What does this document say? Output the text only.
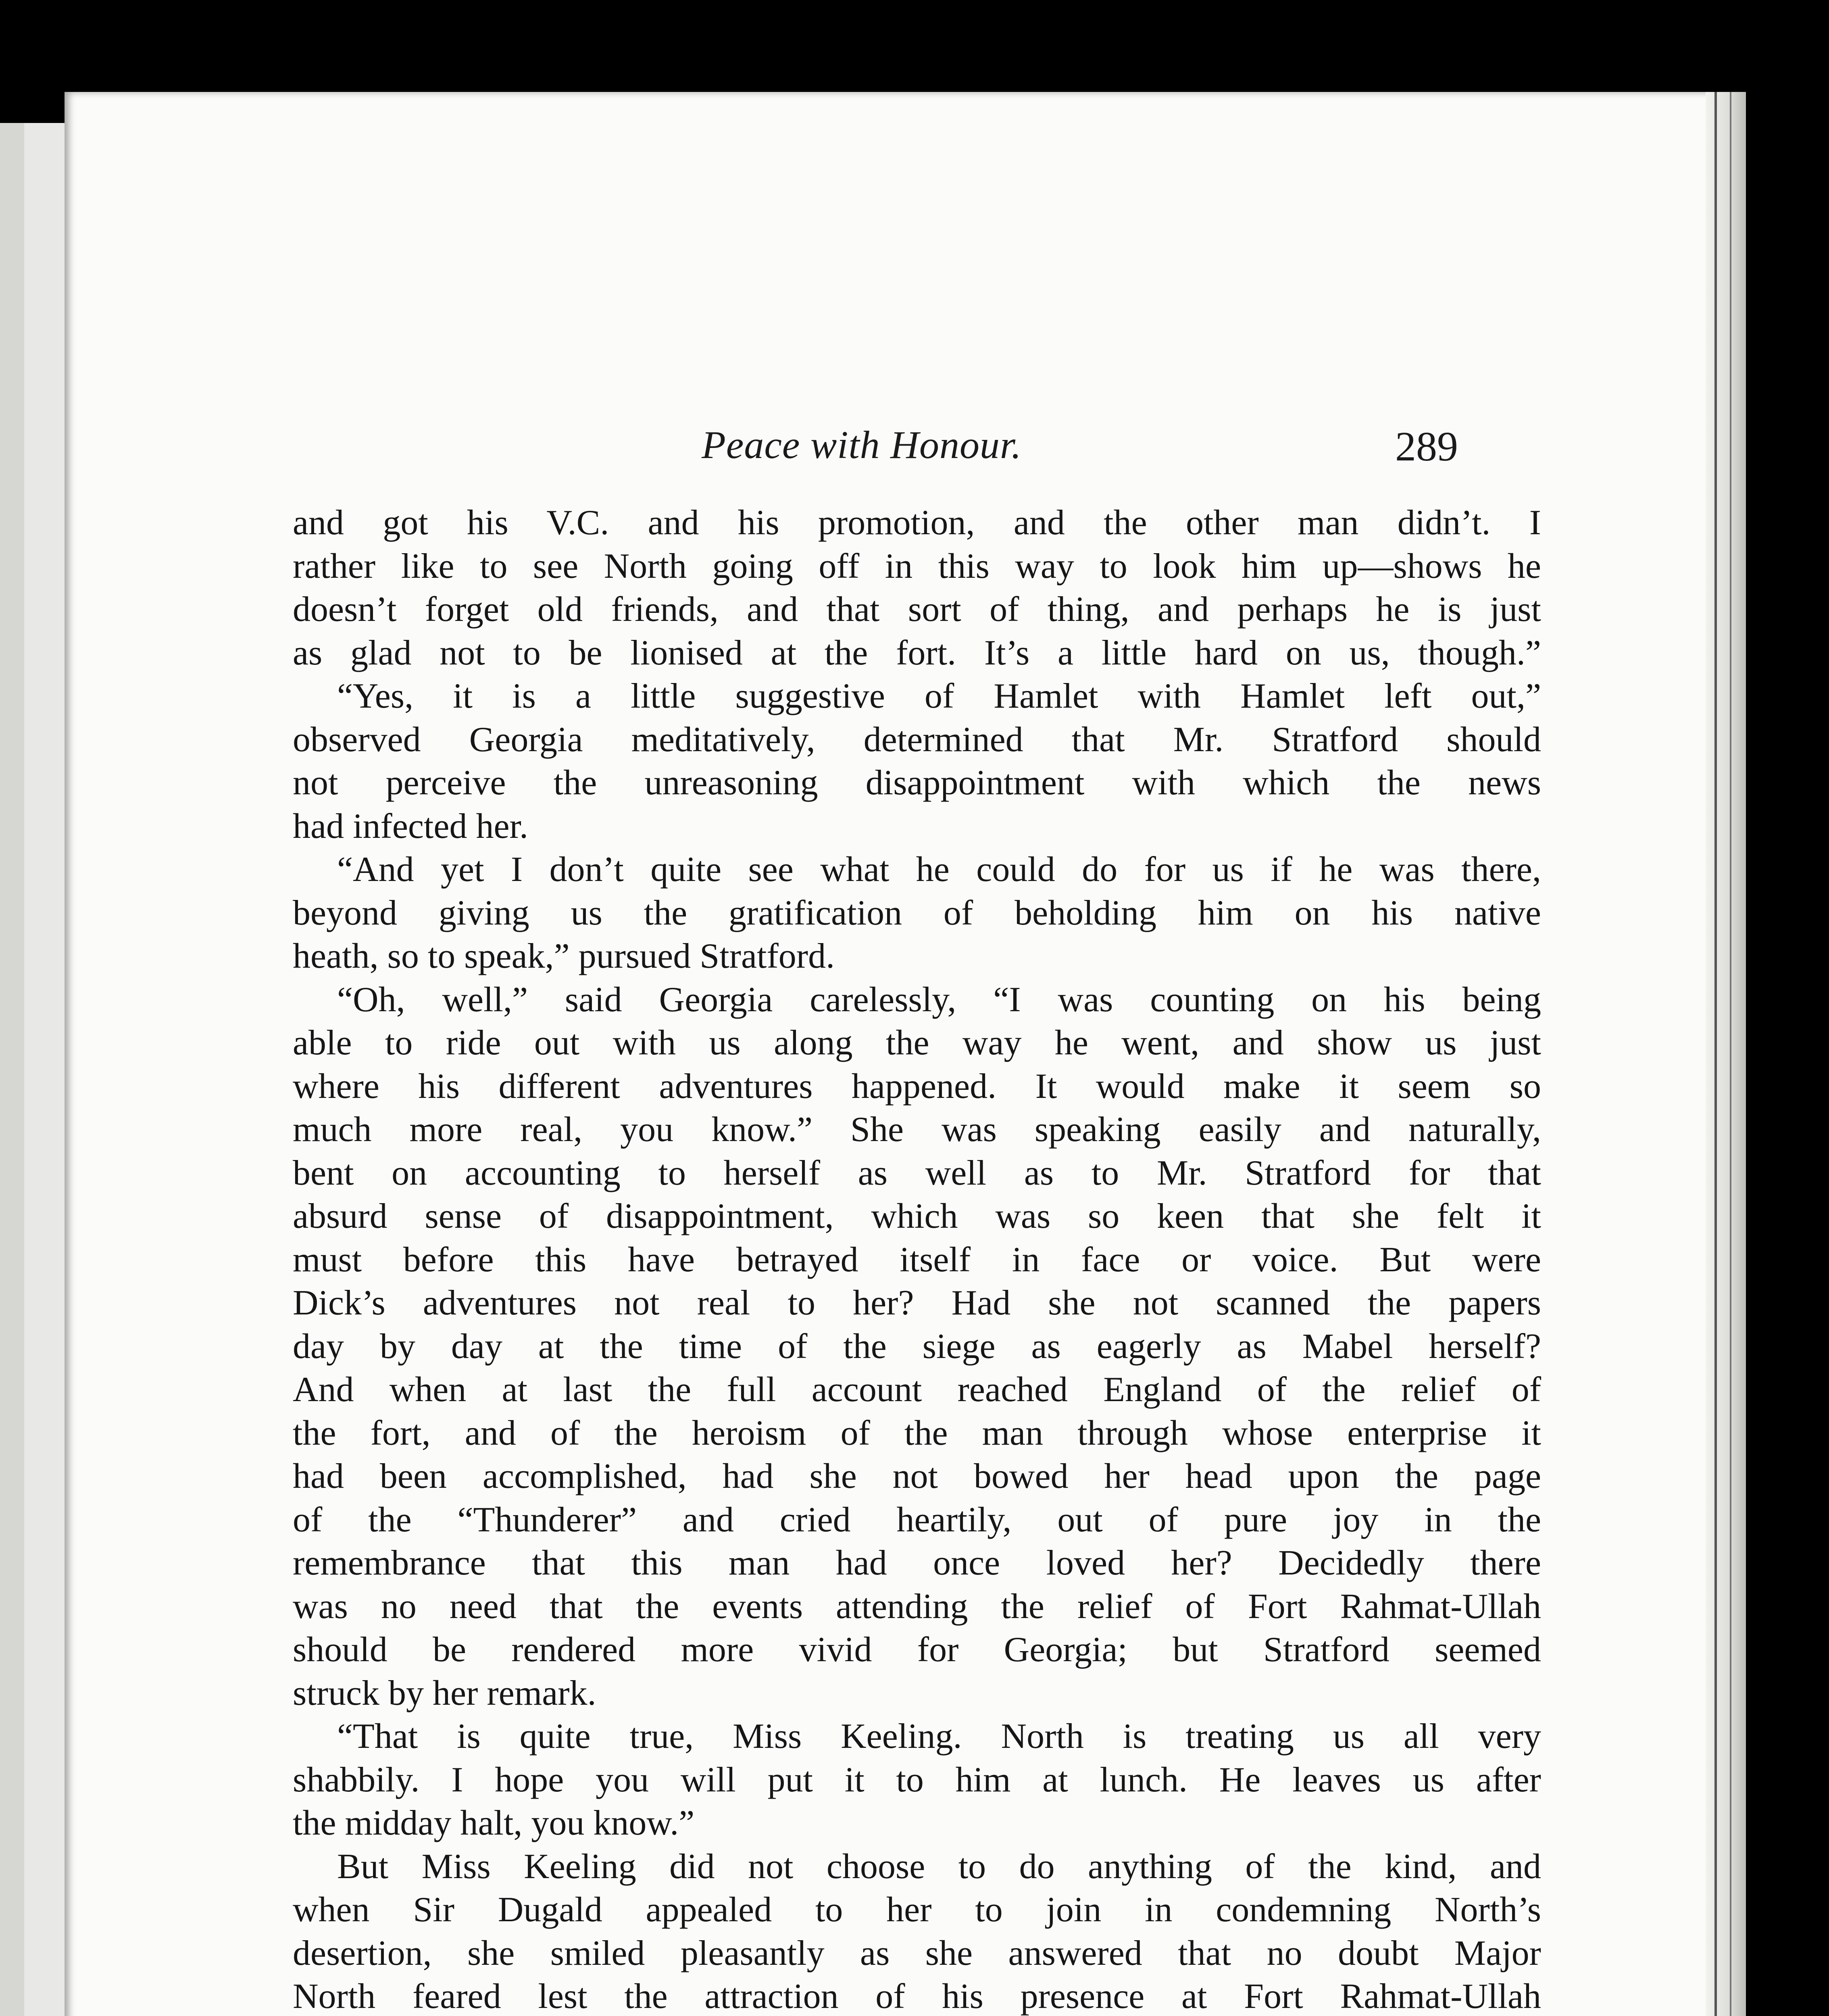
Peace with Honour.	289
and got his V.C. and his promotion, and the other man didn’t. I
rather like to see North going off in this way to look him up—shows he
doesn’t forget old friends, and that sort of thing, and perhaps he is just
as glad not to be lionised at the fort. It’s a little hard on us, though.”
“Yes, it is a little suggestive of Hamlet with Hamlet left out,”
observed Georgia meditatively, determined that Mr. Stratford should
not perceive the unreasoning disappointment with which the news
had infected her.
“And yet I don’t quite see what he could do for us if he was there,
beyond giving us the gratification of beholding him on his native
heath, so to speak,” pursued Stratford.
“Oh, well,” said Georgia carelessly, “I was counting on his being
able to ride out with us along the way he went, and show us just
where his different adventures happened. It would make it seem so
much more real, you know.” She was speaking easily and naturally,
bent on accounting to herself as well as to Mr. Stratford for that
absurd sense of disappointment, which was so keen that she felt it
must before this have betrayed itself in face or voice. But were
Dick’s adventures not real to her? Had she not scanned the papers
day by day at the time of the siege as eagerly as Mabel herself?
And when at last the full account reached England of the relief of
the fort, and of the heroism of the man through whose enterprise it
had been accomplished, had she not bowed her head upon the page
of the “Thunderer” and cried heartily, out of pure joy in the
remembrance that this man had once loved her? Decidedly there
was no need that the events attending the relief of Fort Rahmat-Ullah
should be rendered more vivid for Georgia; but Stratford seemed
struck by her remark.
“That is quite true, Miss Keeling. North is treating us all very
shabbily. I hope you will put it to him at lunch. He leaves us after
the midday halt, you know.”
But Miss Keeling did not choose to do anything of the kind, and
when Sir Dugald appealed to her to join in condemning North’s
desertion, she smiled pleasantly as she answered that no doubt Major
North feared lest the attraction of his presence at Fort Rahmat-Ullah
